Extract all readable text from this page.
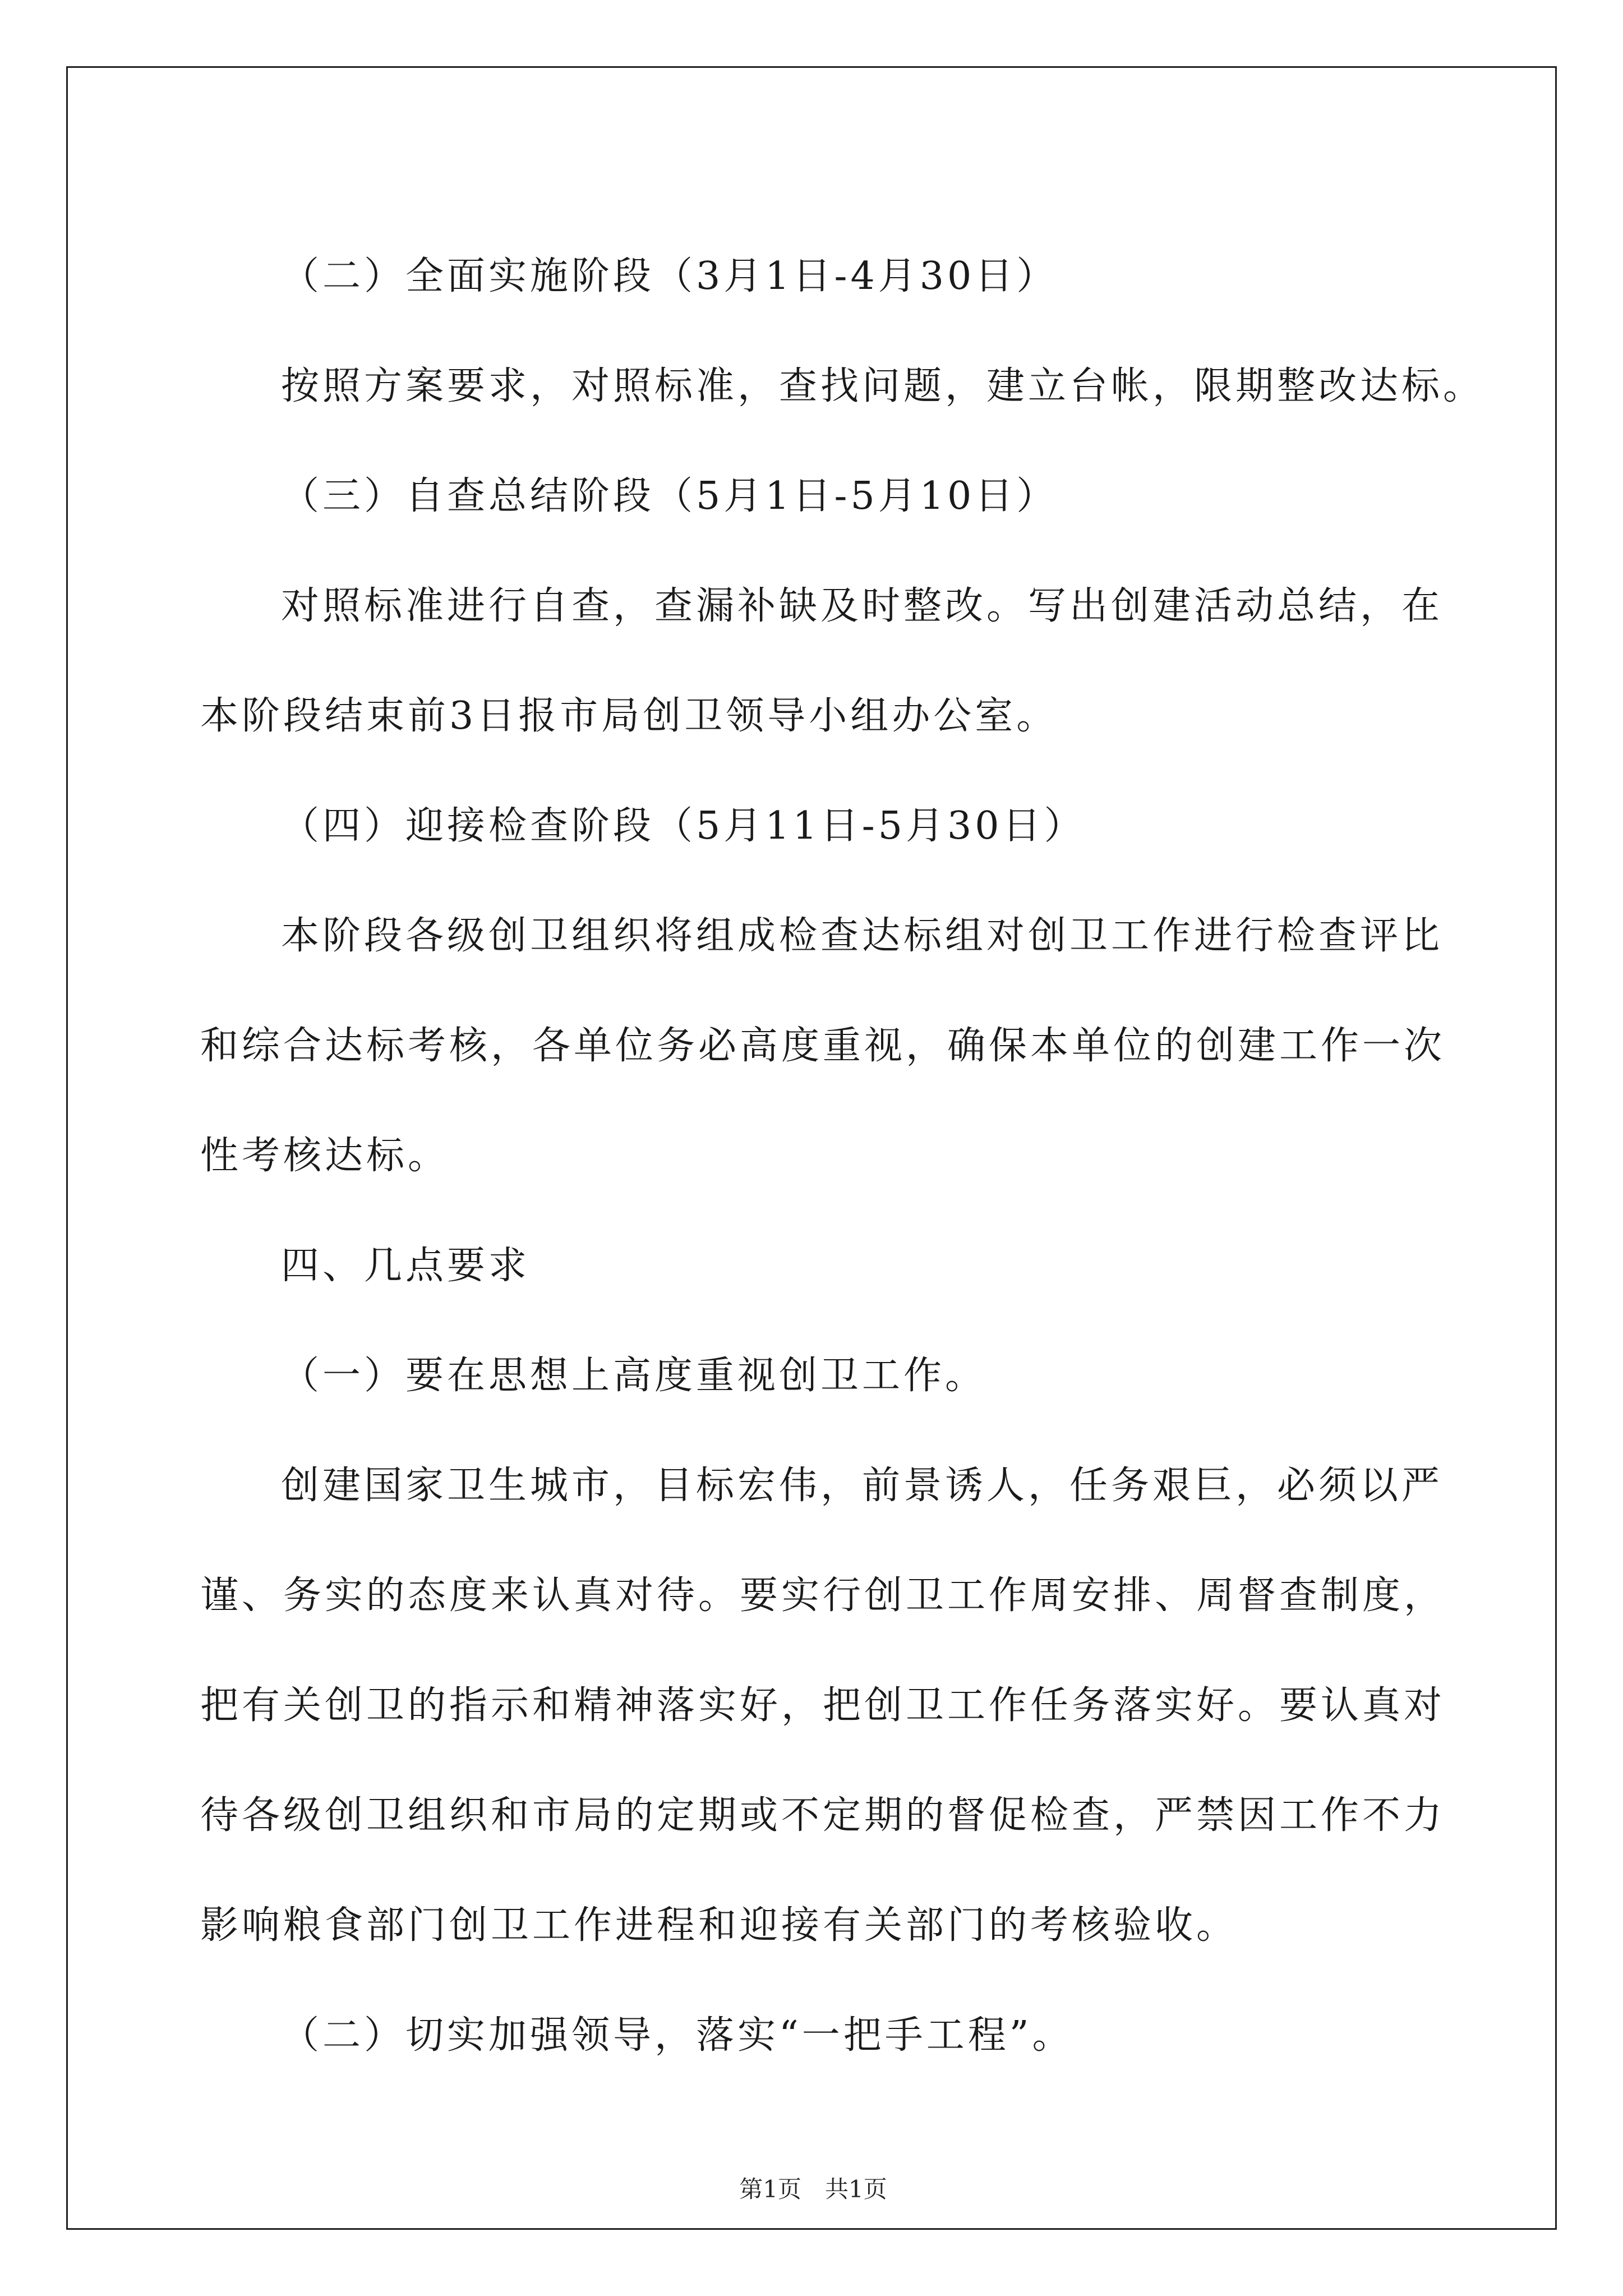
（二）全面实施阶段（3月1日-4月30日）
按照方案要求，对照标准，查找问题，建立台帐，限期整改达标。
（三）自查总结阶段（5月1日-5月10日）
对照标准进行自查，查漏补缺及时整改。写出创建活动总结，在
本阶段结束前3日报市局创卫领导小组办公室。
（四）迎接检查阶段（5月11日-5月30日）
本阶段各级创卫组织将组成检查达标组对创卫工作进行检查评比
和综合达标考核，各单位务必高度重视，确保本单位的创建工作一次
性考核达标。
四、几点要求
（一）要在思想上高度重视创卫工作。
创建国家卫生城市，目标宏伟，前景诱人，任务艰巨，必须以严
谨、务实的态度来认真对待。要实行创卫工作周安排、周督查制度，
把有关创卫的指示和精神落实好，把创卫工作任务落实好。要认真对
待各级创卫组织和市局的定期或不定期的督促检查，严禁因工作不力
影响粮食部门创卫工作进程和迎接有关部门的考核验收。
（二）切实加强领导，落实“一把手工程”。
第1页　共1页
